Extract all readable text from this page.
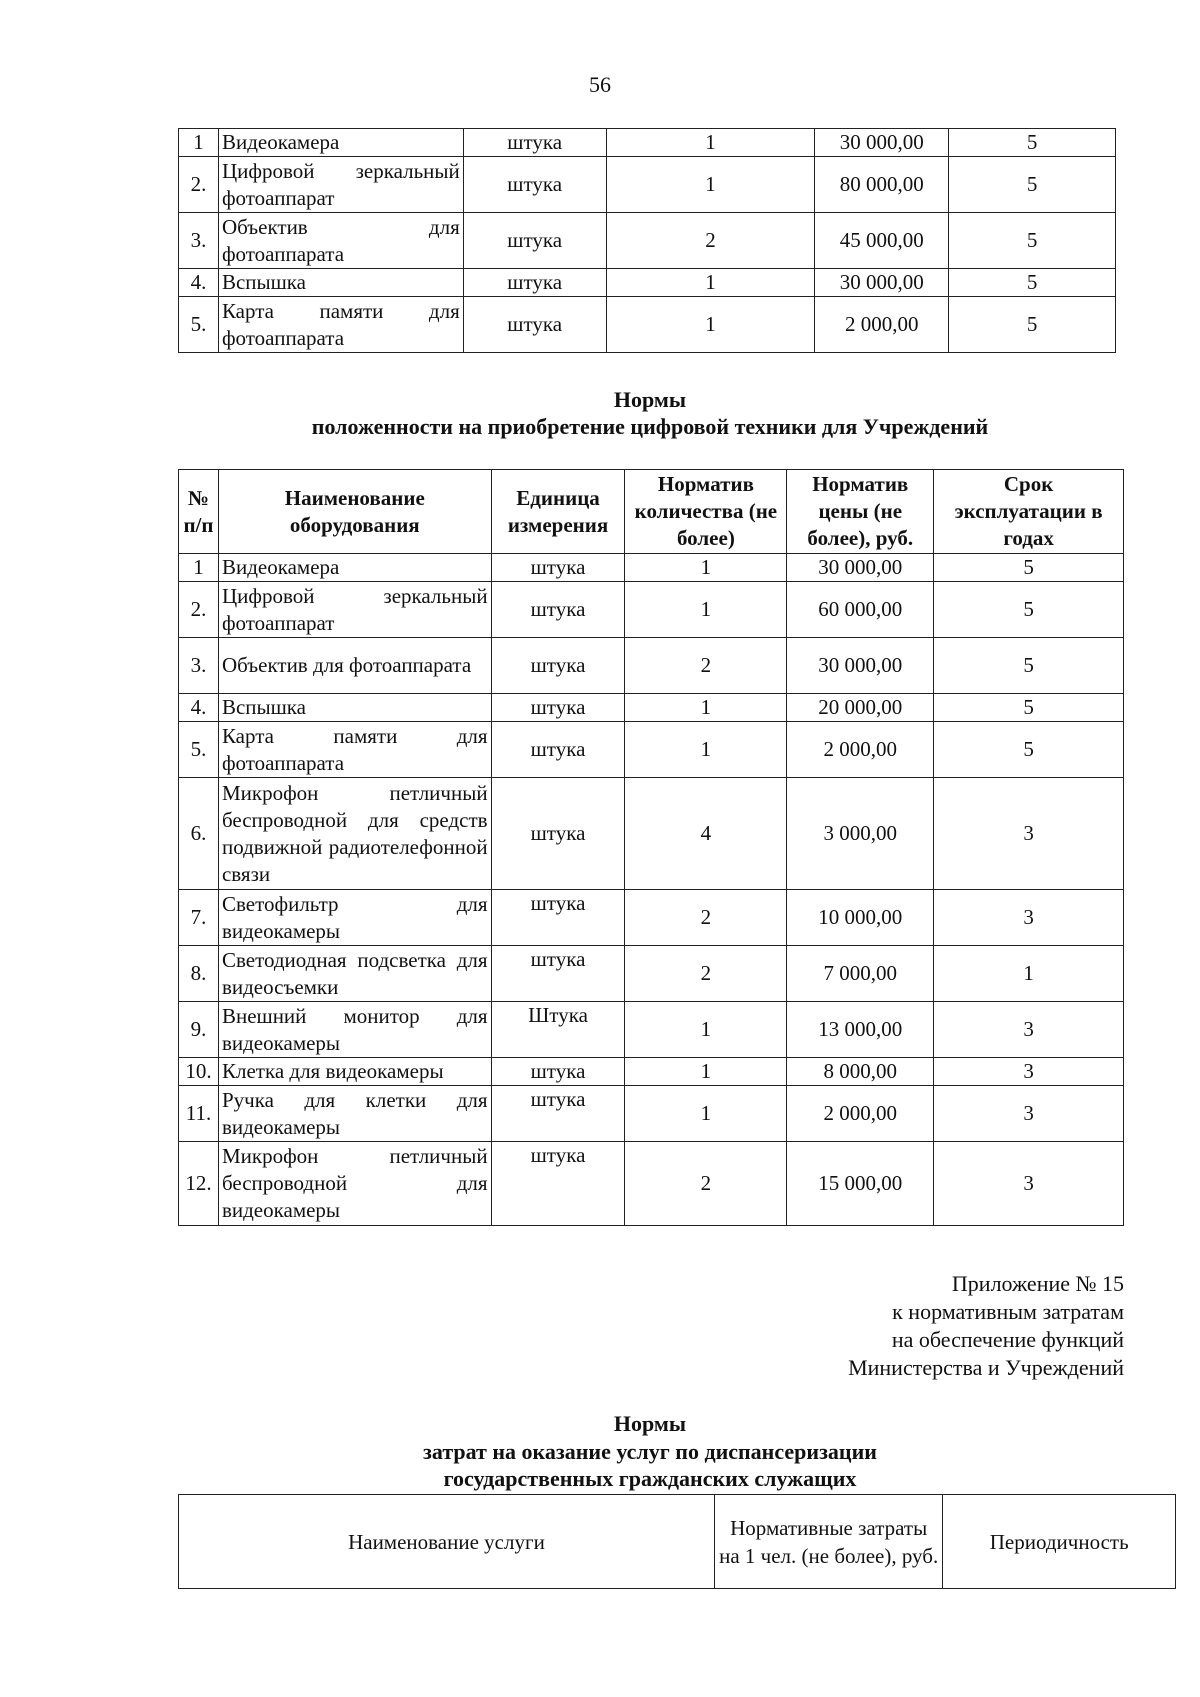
56
1	Видеокамера	штука	1	30 000,00	5
2.	Цифровой зеркальный фотоаппарат	штука	1	80 000,00	5
3.	Объектив для фотоаппарата	штука	2	45 000,00	5
4.	Вспышка	штука	1	30 000,00	5
5.	Карта памяти для фотоаппарата	штука	1	2 000,00	5
Нормы
положенности на приобретение цифровой техники для Учреждений
№ п/п	Наименование оборудования	Единица измерения	Норматив количества (не более)	Норматив цены (не более), руб.	Срок эксплуатации в годах
1	Видеокамера	штука	1	30 000,00	5
2.	Цифровой зеркальный фотоаппарат	штука	1	60 000,00	5
3.	Объектив для фотоаппарата	штука	2	30 000,00	5
4.	Вспышка	штука	1	20 000,00	5
5.	Карта памяти для фотоаппарата	штука	1	2 000,00	5
6.	Микрофон петличный беспроводной для средств подвижной радиотелефонной связи	штука	4	3 000,00	3
7.	Светофильтр для видеокамеры	штука	2	10 000,00	3
8.	Светодиодная подсветка для видеосъемки	штука	2	7 000,00	1
9.	Внешний монитор для видеокамеры	Штука	1	13 000,00	3
10.	Клетка для видеокамеры	штука	1	8 000,00	3
11.	Ручка для клетки для видеокамеры	штука	1	2 000,00	3
12.	Микрофон петличный беспроводной для видеокамеры	штука	2	15 000,00	3
Приложение № 15
к нормативным затратам
на обеспечение функций
Министерства и Учреждений
Нормы
затрат на оказание услуг по диспансеризации
государственных гражданских служащих
Наименование услуги	Нормативные затраты на 1 чел. (не более), руб.	Периодичность
